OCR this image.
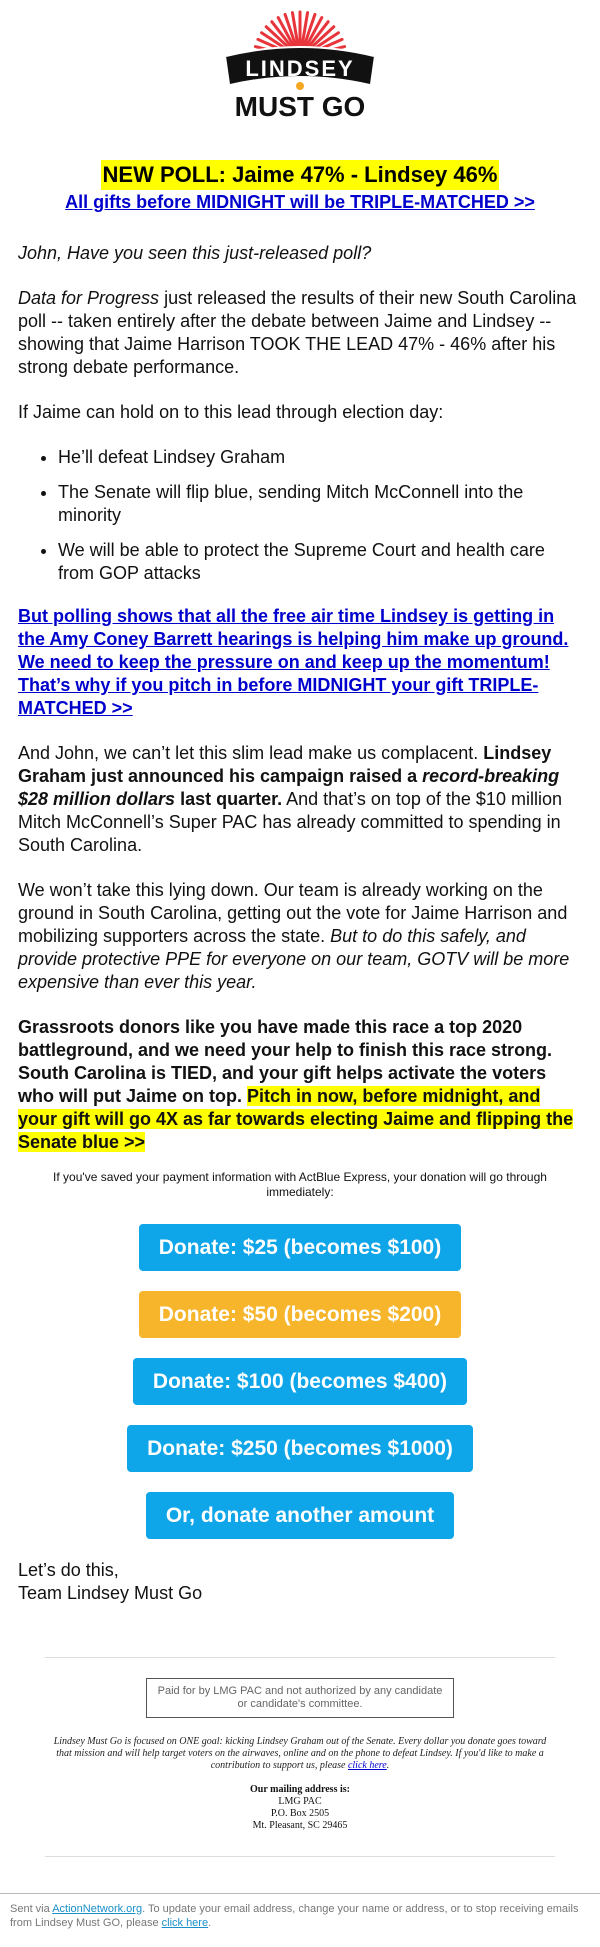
LINDSEY
MUST GO
NEW POLL: Jaime 47% - Lindsey 46%
All gifts before MIDNIGHT will be TRIPLE-MATCHED >>

John, Have you seen this just-released poll?

Data for Progress just released the results of their new South Carolina poll -- taken entirely after the debate between Jaime and Lindsey -- showing that Jaime Harrison TOOK THE LEAD 47% - 46% after his strong debate performance.

If Jaime can hold on to this lead through election day:

• He’ll defeat Lindsey Graham
• The Senate will flip blue, sending Mitch McConnell into the minority
• We will be able to protect the Supreme Court and health care from GOP attacks

But polling shows that all the free air time Lindsey is getting in the Amy Coney Barrett hearings is helping him make up ground. We need to keep the pressure on and keep up the momentum! That’s why if you pitch in before MIDNIGHT your gift TRIPLE-MATCHED >>

And John, we can’t let this slim lead make us complacent. Lindsey Graham just announced his campaign raised a record-breaking $28 million dollars last quarter. And that’s on top of the $10 million Mitch McConnell’s Super PAC has already committed to spending in South Carolina.

We won’t take this lying down. Our team is already working on the ground in South Carolina, getting out the vote for Jaime Harrison and mobilizing supporters across the state. But to do this safely, and provide protective PPE for everyone on our team, GOTV will be more expensive than ever this year.

Grassroots donors like you have made this race a top 2020 battleground, and we need your help to finish this race strong. South Carolina is TIED, and your gift helps activate the voters who will put Jaime on top. Pitch in now, before midnight, and your gift will go 4X as far towards electing Jaime and flipping the Senate blue >>

If you've saved your payment information with ActBlue Express, your donation will go through immediately:
Donate: $25 (becomes $100)
Donate: $50 (becomes $200)
Donate: $100 (becomes $400)
Donate: $250 (becomes $1000)
Or, donate another amount
Let’s do this,
Team Lindsey Must Go
Paid for by LMG PAC and not authorized by any candidate or candidate's committee.
Lindsey Must Go is focused on ONE goal: kicking Lindsey Graham out of the Senate. Every dollar you donate goes toward that mission and will help target voters on the airwaves, online and on the phone to defeat Lindsey. If you'd like to make a contribution to support us, please click here.
Our mailing address is:
LMG PAC
P.O. Box 2505
Mt. Pleasant, SC 29465
Sent via ActionNetwork.org. To update your email address, change your name or address, or to stop receiving emails from Lindsey Must GO, please click here.
